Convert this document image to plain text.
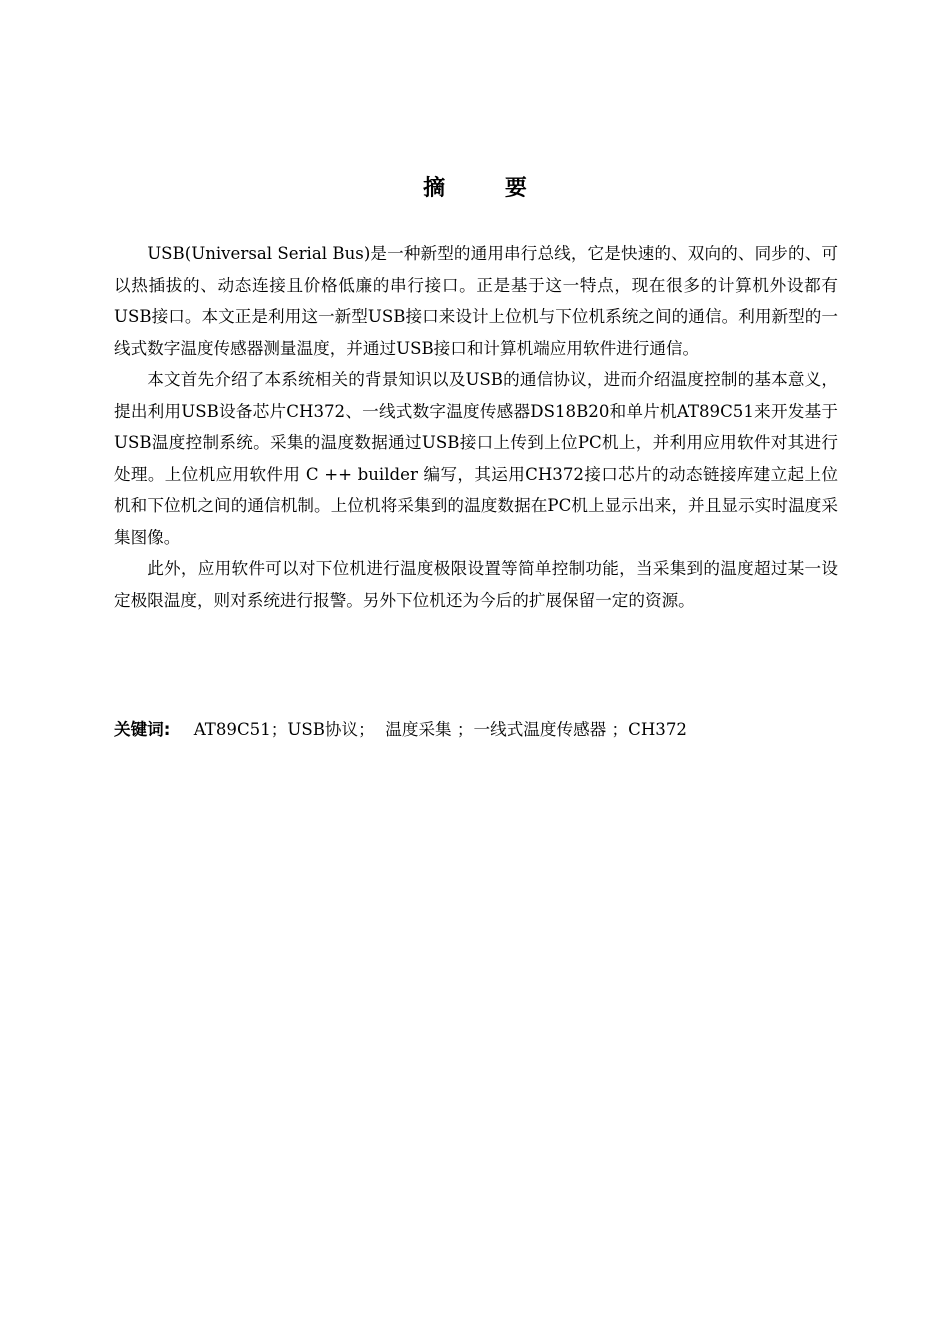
摘 要

USB(Universal Serial Bus)是一种新型的通用串行总线，它是快速的、双向的、同步的、可以热插拔的、动态连接且价格低廉的串行接口。正是基于这一特点，现在很多的计算机外设都有USB接口。本文正是利用这一新型USB接口来设计上位机与下位机系统之间的通信。利用新型的一线式数字温度传感器测量温度，并通过USB接口和计算机端应用软件进行通信。

本文首先介绍了本系统相关的背景知识以及USB的通信协议，进而介绍温度控制的基本意义，提出利用USB设备芯片CH372、一线式数字温度传感器DS18B20和单片机AT89C51来开发基于USB温度控制系统。采集的温度数据通过USB接口上传到上位PC机上，并利用应用软件对其进行处理。上位机应用软件用 C ++ builder 编写，其运用CH372接口芯片的动态链接库建立起上位机和下位机之间的通信机制。上位机将采集到的温度数据在PC机上显示出来，并且显示实时温度采集图像。

此外，应用软件可以对下位机进行温度极限设置等简单控制功能，当采集到的温度超过某一设定极限温度，则对系统进行报警。另外下位机还为今后的扩展保留一定的资源。

关键词: AT89C51；USB协议；  温度采集 ；一线式温度传感器 ；CH372
